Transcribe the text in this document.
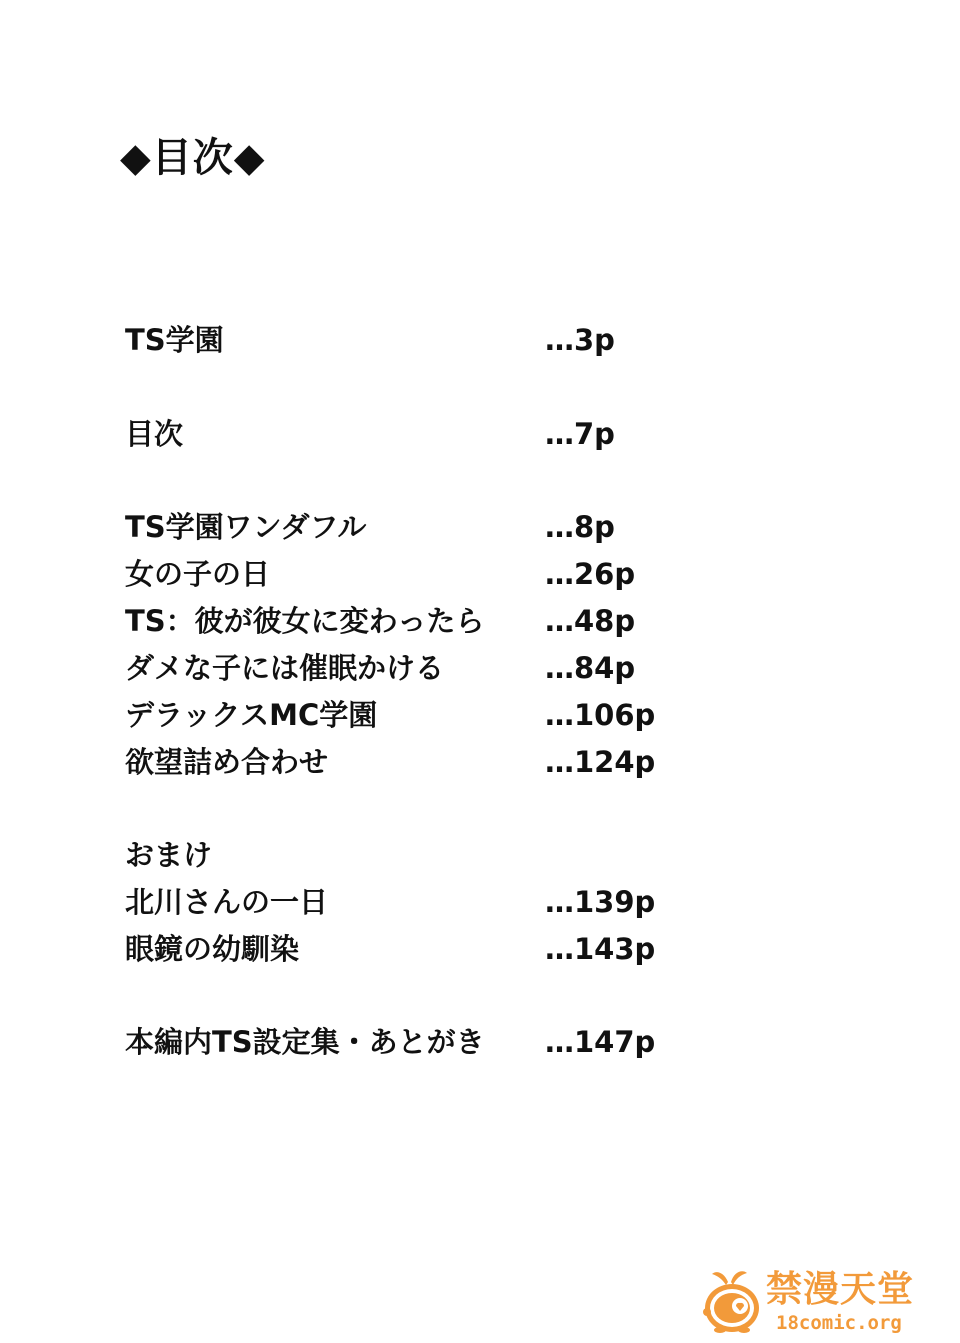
◆目次◆
TS学園	…3p
目次	…7p
TS学園ワンダフル	…8p
女の子の日	…26p
TS：彼が彼女に変わったら …48p
ダメな子には催眠かける	…84p
デラックスMC学園	…106p
欲望詰め合わせ	…124p
おまけ
北川さんの一日	…139p
眼鏡の幼馴染	…143p
本編内TS設定集・あとがき …147p
禁漫天堂
18comic.org
